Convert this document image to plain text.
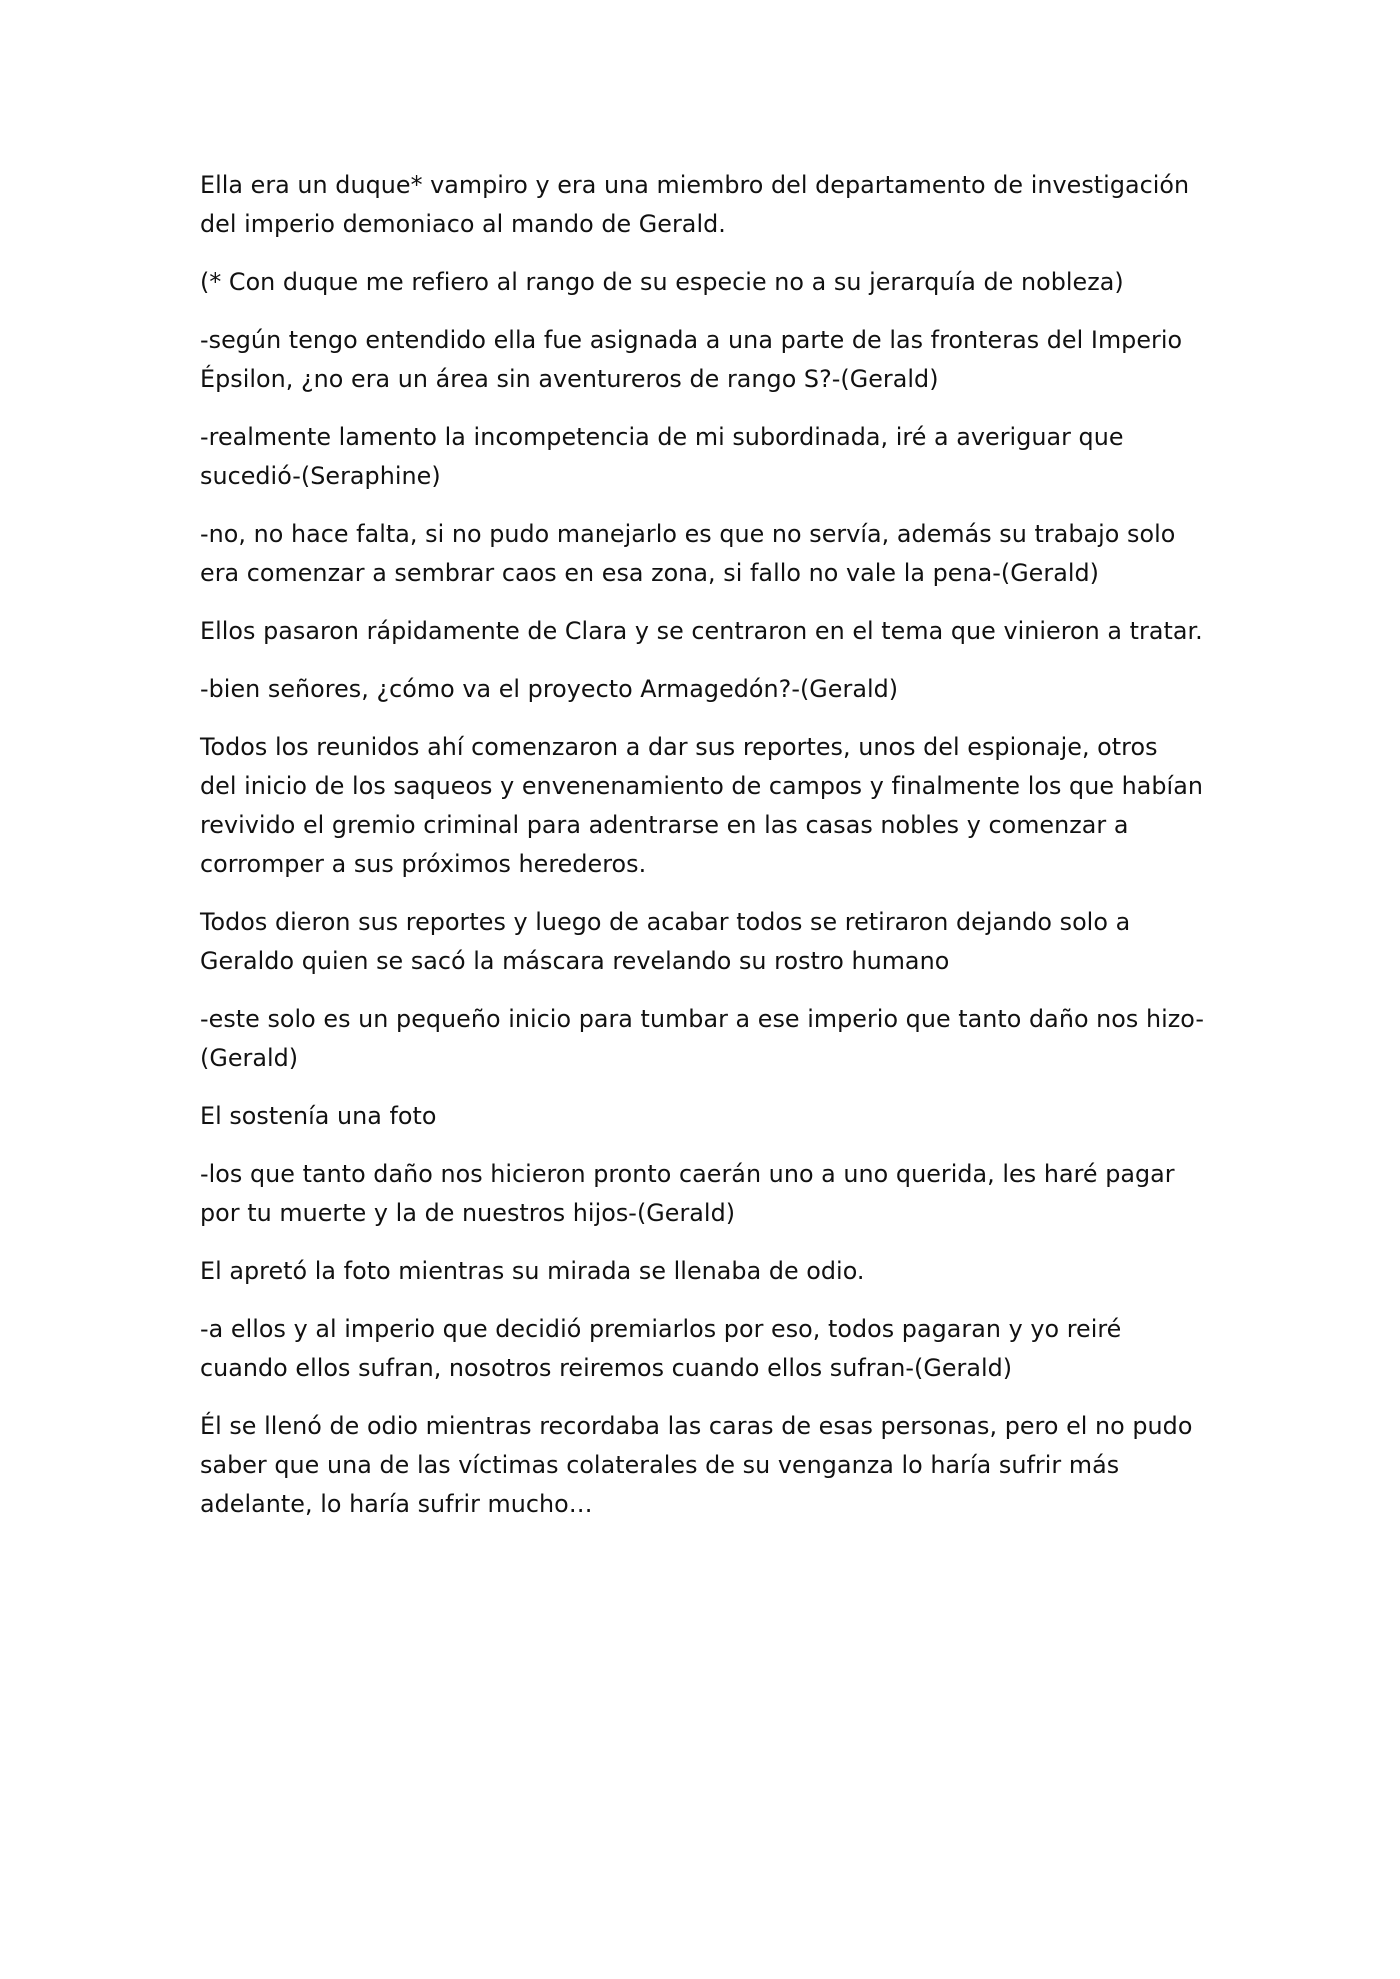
Ella era un duque* vampiro y era una miembro del departamento de investigación
del imperio demoniaco al mando de Gerald.
(* Con duque me refiero al rango de su especie no a su jerarquía de nobleza)
-según tengo entendido ella fue asignada a una parte de las fronteras del Imperio
Épsilon, ¿no era un área sin aventureros de rango S?-(Gerald)
-realmente lamento la incompetencia de mi subordinada, iré a averiguar que
sucedió-(Seraphine)
-no, no hace falta, si no pudo manejarlo es que no servía, además su trabajo solo
era comenzar a sembrar caos en esa zona, si fallo no vale la pena-(Gerald)
Ellos pasaron rápidamente de Clara y se centraron en el tema que vinieron a tratar.
-bien señores, ¿cómo va el proyecto Armagedón?-(Gerald)
Todos los reunidos ahí comenzaron a dar sus reportes, unos del espionaje, otros
del inicio de los saqueos y envenenamiento de campos y finalmente los que habían
revivido el gremio criminal para adentrarse en las casas nobles y comenzar a
corromper a sus próximos herederos.
Todos dieron sus reportes y luego de acabar todos se retiraron dejando solo a
Geraldo quien se sacó la máscara revelando su rostro humano
-este solo es un pequeño inicio para tumbar a ese imperio que tanto daño nos hizo-
(Gerald)
El sostenía una foto
-los que tanto daño nos hicieron pronto caerán uno a uno querida, les haré pagar
por tu muerte y la de nuestros hijos-(Gerald)
El apretó la foto mientras su mirada se llenaba de odio.
-a ellos y al imperio que decidió premiarlos por eso, todos pagaran y yo reiré
cuando ellos sufran, nosotros reiremos cuando ellos sufran-(Gerald)
Él se llenó de odio mientras recordaba las caras de esas personas, pero el no pudo
saber que una de las víctimas colaterales de su venganza lo haría sufrir más
adelante, lo haría sufrir mucho…
